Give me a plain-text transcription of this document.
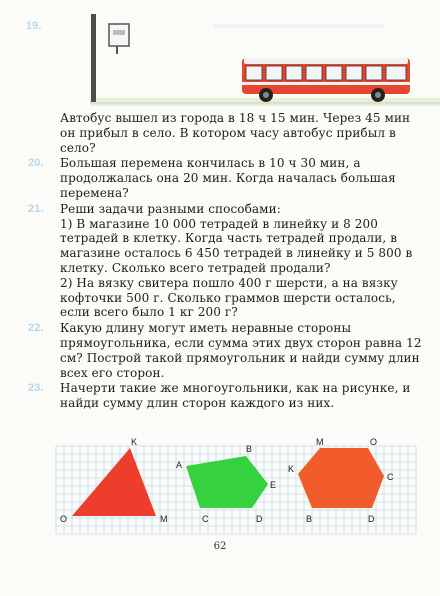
19.
Автобус вышел из города в 18 ч 15 мин. Через 45 мин он прибыл в село. В котором часу автобус прибыл в село?
20.	Большая перемена кончилась в 10 ч 30 мин, а продолжалась она 20 мин. Когда началась большая перемена?
21.	Реши задачи разными способами:
1) В магазине 10 000 тетрадей в линейку и 8 200 тетрадей в клетку. Когда часть тетрадей продали, в магазине осталось 6 450 тетрадей в линейку и 5 800 в клетку. Сколько всего тетрадей продали?
2) На вязку свитера пошло 400 г шерсти, а на вязку кофточки 500 г. Сколько граммов шерсти осталось, если всего было 1 кг 200 г?
22.	Какую длину могут иметь неравные стороны прямоугольника, если сумма этих двух сторон равна 12 см? Построй такой прямоугольник и найди сумму длин всех его сторон.
23.	Начерти такие же многоугольники, как на рисунке, и найди сумму длин сторон каждого из них.
K
O	M
A
B
E
D
C
M	O
K
C
B	D
62
